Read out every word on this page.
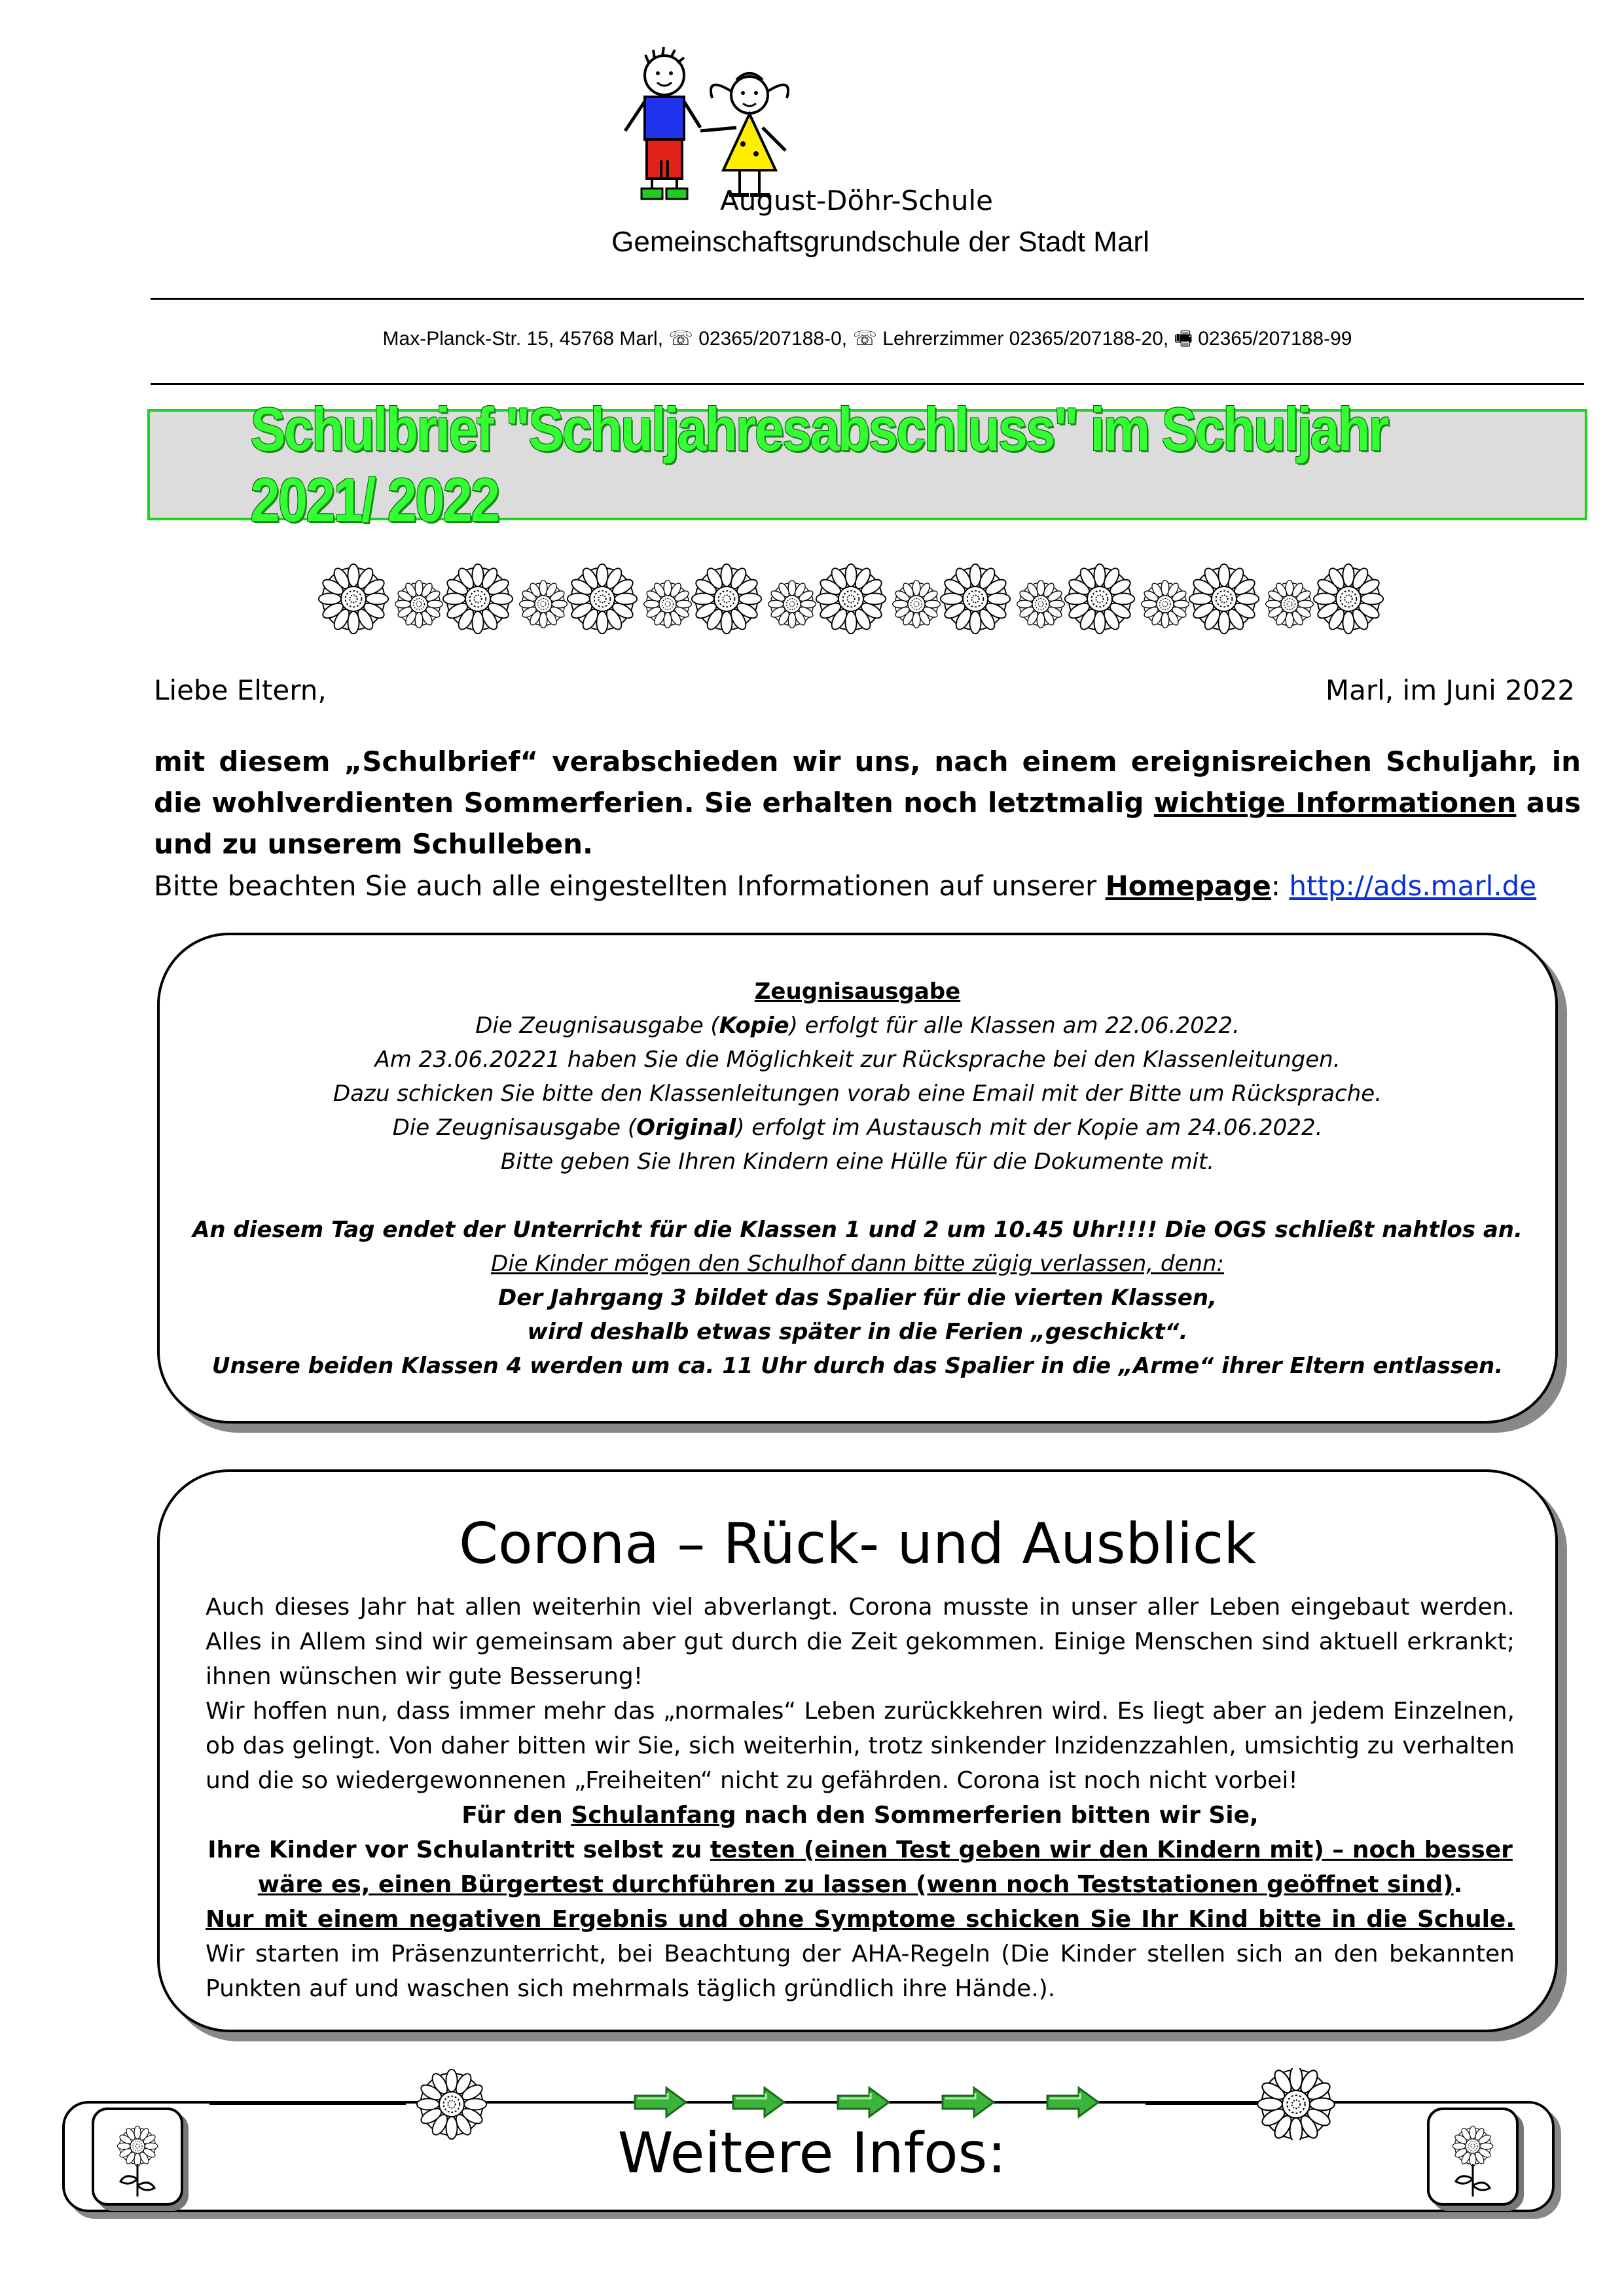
August-Döhr-Schule
Gemeinschaftsgrundschule der Stadt Marl
Max-Planck-Str. 15, 45768 Marl, ☏ 02365/207188-0, ☏ Lehrerzimmer 02365/207188-20, 🖷 02365/207188-99
Schulbrief "Schuljahresabschluss" im Schuljahr 2021/ 2022
Liebe Eltern,	Marl, im Juni 2022
mit diesem „Schulbrief“ verabschieden wir uns, nach einem ereignisreichen Schuljahr, in die wohlverdienten Sommerferien. Sie erhalten noch letztmalig wichtige Informationen aus und zu unserem Schulleben.
Bitte beachten Sie auch alle eingestellten Informationen auf unserer Homepage: http://ads.marl.de
Zeugnisausgabe
Die Zeugnisausgabe (Kopie) erfolgt für alle Klassen am 22.06.2022.
Am 23.06.20221 haben Sie die Möglichkeit zur Rücksprache bei den Klassenleitungen.
Dazu schicken Sie bitte den Klassenleitungen vorab eine Email mit der Bitte um Rücksprache.
Die Zeugnisausgabe (Original) erfolgt im Austausch mit der Kopie am 24.06.2022.
Bitte geben Sie Ihren Kindern eine Hülle für die Dokumente mit.
An diesem Tag endet der Unterricht für die Klassen 1 und 2 um 10.45 Uhr!!!! Die OGS schließt nahtlos an.
Die Kinder mögen den Schulhof dann bitte zügig verlassen, denn:
Der Jahrgang 3 bildet das Spalier für die vierten Klassen,
wird deshalb etwas später in die Ferien „geschickt“.
Unsere beiden Klassen 4 werden um ca. 11 Uhr durch das Spalier in die „Arme“ ihrer Eltern entlassen.
Corona – Rück- und Ausblick
Auch dieses Jahr hat allen weiterhin viel abverlangt. Corona musste in unser aller Leben eingebaut werden. Alles in Allem sind wir gemeinsam aber gut durch die Zeit gekommen. Einige Menschen sind aktuell erkrankt; ihnen wünschen wir gute Besserung!
Wir hoffen nun, dass immer mehr das „normales“ Leben zurückkehren wird. Es liegt aber an jedem Einzelnen, ob das gelingt. Von daher bitten wir Sie, sich weiterhin, trotz sinkender Inzidenzzahlen, umsichtig zu verhalten und die so wiedergewonnenen „Freiheiten“ nicht zu gefährden. Corona ist noch nicht vorbei!
Für den Schulanfang nach den Sommerferien bitten wir Sie,
Ihre Kinder vor Schulantritt selbst zu testen (einen Test geben wir den Kindern mit) – noch besser wäre es, einen Bürgertest durchführen zu lassen (wenn noch Teststationen geöffnet sind).
Nur mit einem negativen Ergebnis und ohne Symptome schicken Sie Ihr Kind bitte in die Schule. Wir starten im Präsenzunterricht, bei Beachtung der AHA-Regeln (Die Kinder stellen sich an den bekannten Punkten auf und waschen sich mehrmals täglich gründlich ihre Hände.).
Weitere Infos:
